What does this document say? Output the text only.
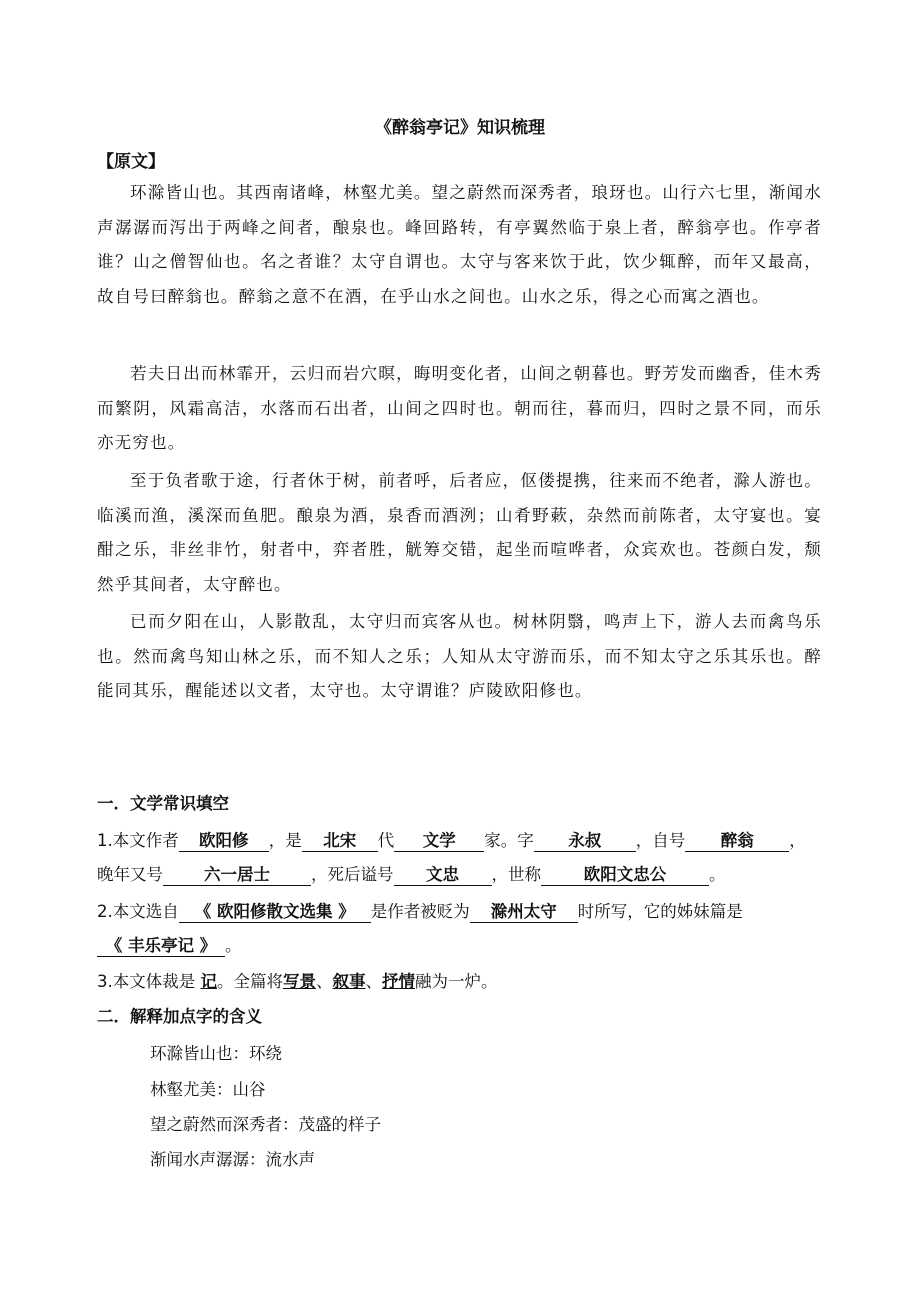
《醉翁亭记》知识梳理
【原文】

环滁皆山也。其西南诸峰，林壑尤美。望之蔚然而深秀者，琅玡也。山行六七里，渐闻水声潺潺而泻出于两峰之间者，酿泉也。峰回路转，有亭翼然临于泉上者，醉翁亭也。作亭者谁？山之僧智仙也。名之者谁？太守自谓也。太守与客来饮于此，饮少辄醉，而年又最高，故自号曰醉翁也。醉翁之意不在酒，在乎山水之间也。山水之乐，得之心而寓之酒也。

若夫日出而林霏开，云归而岩穴暝，晦明变化者，山间之朝暮也。野芳发而幽香，佳木秀而繁阴，风霜高洁，水落而石出者，山间之四时也。朝而往，暮而归，四时之景不同，而乐亦无穷也。

至于负者歌于途，行者休于树，前者呼，后者应，伛偻提携，往来而不绝者，滁人游也。临溪而渔，溪深而鱼肥。酿泉为酒，泉香而酒洌；山肴野蔌，杂然而前陈者，太守宴也。宴酣之乐，非丝非竹，射者中，弈者胜，觥筹交错，起坐而喧哗者，众宾欢也。苍颜白发，颓然乎其间者，太守醉也。

已而夕阳在山，人影散乱，太守归而宾客从也。树林阴翳，鸣声上下，游人去而禽鸟乐也。然而禽鸟知山林之乐，而不知人之乐；人知从太守游而乐，而不知太守之乐其乐也。醉能同其乐，醒能述以文者，太守也。太守谓谁？庐陵欧阳修也。

一．文学常识填空
1.本文作者 欧阳修 ，是 北宋 代 文学 家。字 永叔 ，自号 醉翁 ，
晚年又号 六一居士 ，死后谥号 文忠 ，世称	欧阳文忠公	。
2.本文选自 《 欧阳修散文选集 》 是作者被贬为 滁州太守 时所写，它的姊妹篇是
《 丰乐亭记 》 。
3.本文体裁是 记。全篇将写景、叙事、抒情融为一炉。
二．解释加点字的含义
环滁皆山也：环绕
林壑尤美：山谷
望之蔚然而深秀者：茂盛的样子
渐闻水声潺潺：流水声
